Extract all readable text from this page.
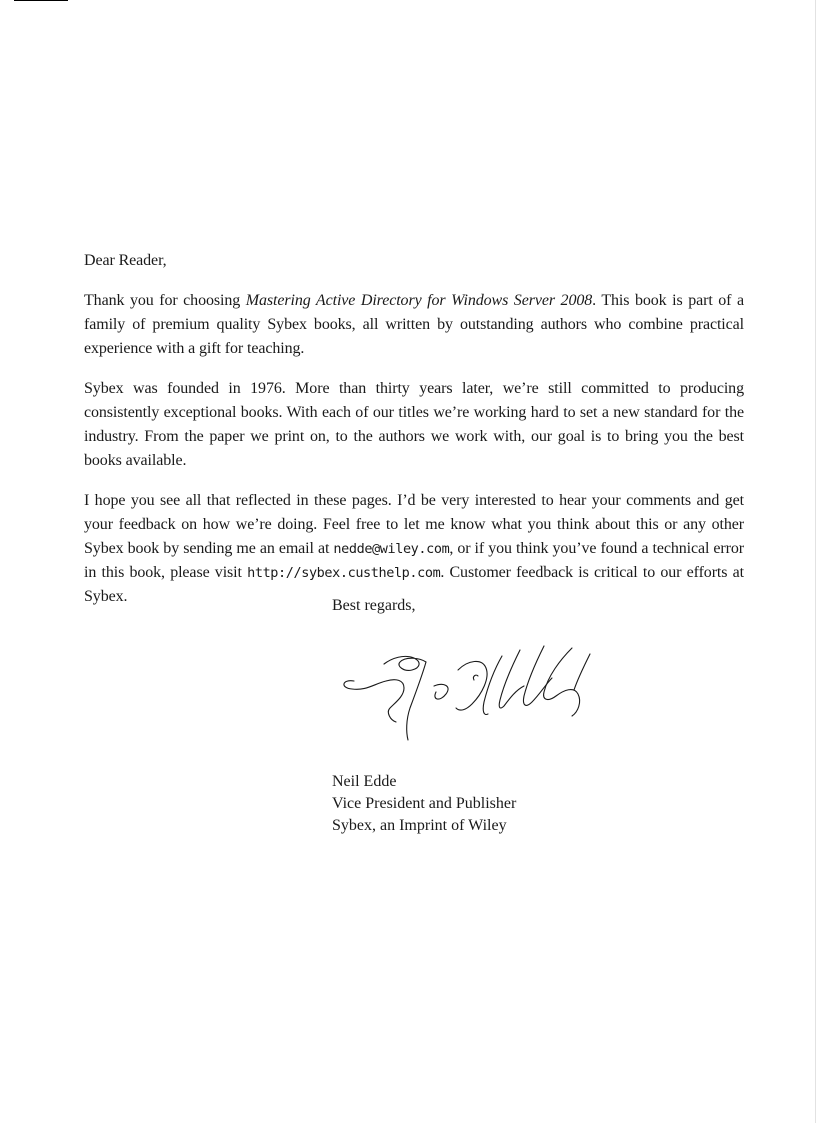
Dear Reader,

Thank you for choosing Mastering Active Directory for Windows Server 2008. This book is part of a family of premium quality Sybex books, all written by outstanding authors who combine practical experience with a gift for teaching.

Sybex was founded in 1976. More than thirty years later, we’re still committed to producing consistently exceptional books. With each of our titles we’re working hard to set a new standard for the industry. From the paper we print on, to the authors we work with, our goal is to bring you the best books available.

I hope you see all that reflected in these pages. I’d be very interested to hear your comments and get your feedback on how we’re doing. Feel free to let me know what you think about this or any other Sybex book by sending me an email at nedde@wiley.com, or if you think you’ve found a technical error in this book, please visit http://sybex.custhelp.com. Customer feedback is critical to our efforts at Sybex.

Best regards,
Neil Edde
Vice President and Publisher
Sybex, an Imprint of Wiley
